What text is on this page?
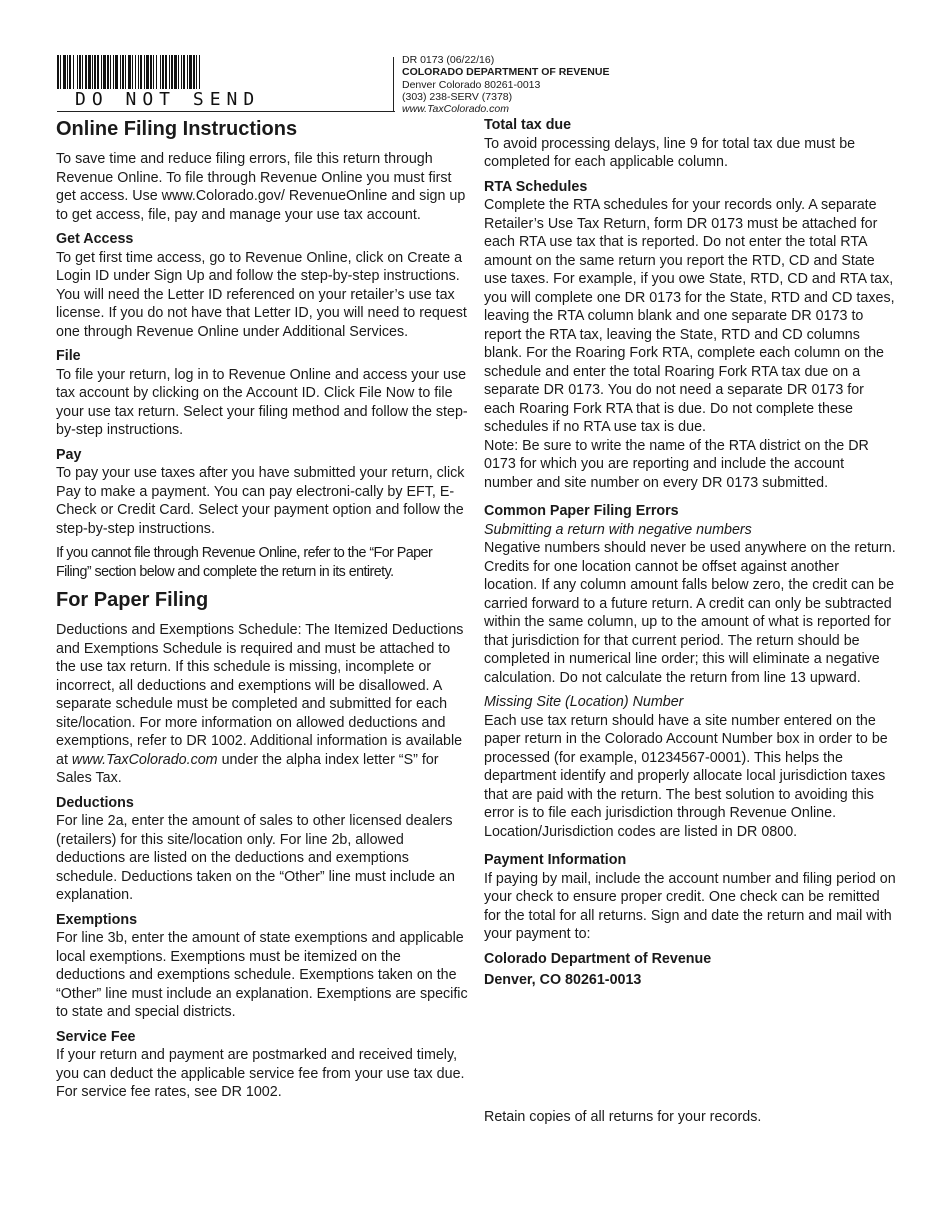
DO NOT SEND
DR 0173 (06/22/16)
COLORADO DEPARTMENT OF REVENUE
Denver Colorado 80261-0013
(303) 238-SERV (7378)
www.TaxColorado.com
Online Filing Instructions

To save time and reduce filing errors, file this return through Revenue Online. To file through Revenue Online you must first get access. Use www.Colorado.gov/ RevenueOnline and sign up to get access, file, pay and manage your use tax account.

Get Access

To get first time access, go to Revenue Online, click on Create a Login ID under Sign Up and follow the step-by-step instructions. You will need the Letter ID referenced on your retailer’s use tax license. If you do not have that Letter ID, you will need to request one through Revenue Online under Additional Services.

File

To file your return, log in to Revenue Online and access your use tax account by clicking on the Account ID. Click File Now to file your use tax return. Select your filing method and follow the step-by-step instructions.

Pay

To pay your use taxes after you have submitted your return, click Pay to make a payment. You can pay electroni-cally by EFT, E-Check or Credit Card. Select your payment option and follow the step-by-step instructions.

If you cannot file through Revenue Online, refer to the “For Paper Filing” section below and complete the return in its entirety.

For Paper Filing

Deductions and Exemptions Schedule: The Itemized Deductions and Exemptions Schedule is required and must be attached to the use tax return. If this schedule is missing, incomplete or incorrect, all deductions and exemptions will be disallowed. A separate schedule must be completed and submitted for each site/location. For more information on allowed deductions and exemptions, refer to DR 1002. Additional information is available at www.TaxColorado.com under the alpha index letter “S” for Sales Tax.

Deductions

For line 2a, enter the amount of sales to other licensed dealers (retailers) for this site/location only. For line 2b, allowed deductions are listed on the deductions and exemptions schedule. Deductions taken on the “Other” line must include an explanation.

Exemptions

For line 3b, enter the amount of state exemptions and applicable local exemptions. Exemptions must be itemized on the deductions and exemptions schedule. Exemptions taken on the “Other” line must include an explanation. Exemptions are specific to state and special districts.

Service Fee

If your return and payment are postmarked and received timely, you can deduct the applicable service fee from your use tax due. For service fee rates, see DR 1002.

Total tax due

To avoid processing delays, line 9 for total tax due must be completed for each applicable column.

RTA Schedules

Complete the RTA schedules for your records only. A separate Retailer’s Use Tax Return, form DR 0173 must be attached for each RTA use tax that is reported. Do not enter the total RTA amount on the same return you report the RTD, CD and State use taxes. For example, if you owe State, RTD, CD and RTA tax, you will complete one DR 0173 for the State, RTD and CD taxes, leaving the RTA column blank and one separate DR 0173 to report the RTA tax, leaving the State, RTD and CD columns blank. For the Roaring Fork RTA, complete each column on the schedule and enter the total Roaring Fork RTA tax due on a separate DR 0173. You do not need a separate DR 0173 for each Roaring Fork RTA that is due. Do not complete these schedules if no RTA use tax is due.

Note: Be sure to write the name of the RTA district on the DR 0173 for which you are reporting and include the account number and site number on every DR 0173 submitted.

Common Paper Filing Errors
Submitting a return with negative numbers

Negative numbers should never be used anywhere on the return. Credits for one location cannot be offset against another location. If any column amount falls below zero, the credit can be carried forward to a future return. A credit can only be subtracted within the same column, up to the amount of what is reported for that jurisdiction for that current period. The return should be completed in numerical line order; this will eliminate a negative calculation. Do not calculate the return from line 13 upward.

Missing Site (Location) Number

Each use tax return should have a site number entered on the paper return in the Colorado Account Number box in order to be processed (for example, 01234567-0001). This helps the department identify and properly allocate local jurisdiction taxes that are paid with the return. The best solution to avoiding this error is to file each jurisdiction through Revenue Online. Location/Jurisdiction codes are listed in DR 0800.

Payment Information

If paying by mail, include the account number and filing period on your check to ensure proper credit. One check can be remitted for the total for all returns. Sign and date the return and mail with your payment to:

Colorado Department of Revenue
Denver, CO 80261-0013

Retain copies of all returns for your records.
